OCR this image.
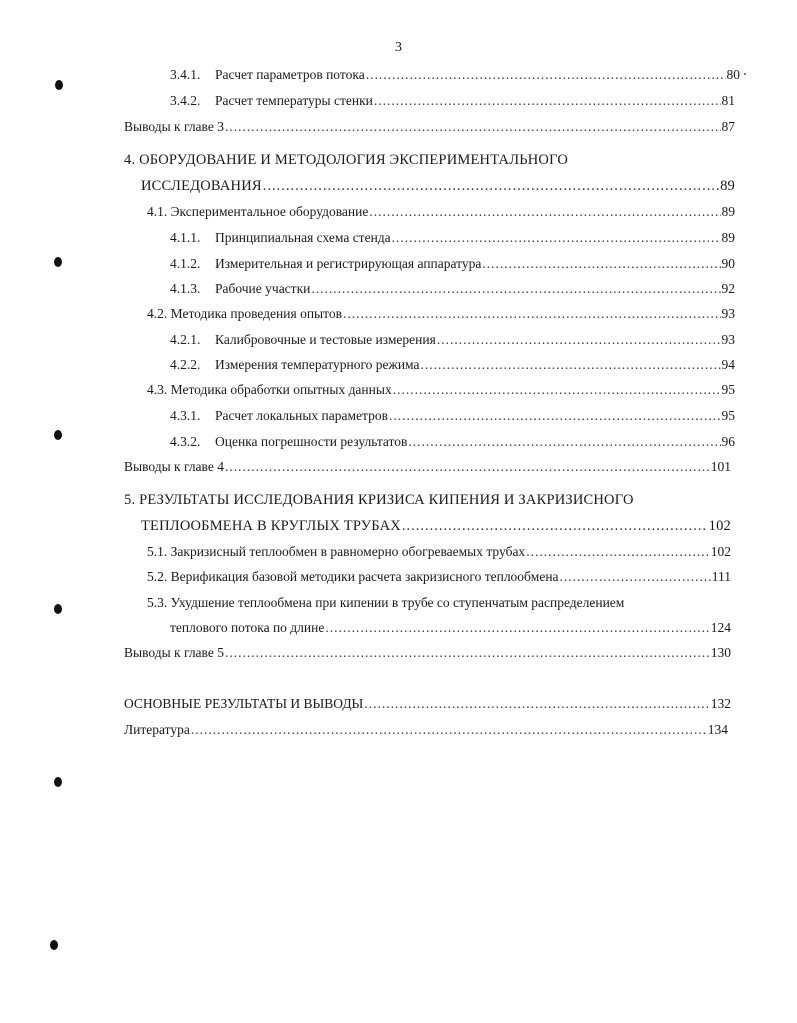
3
3.4.1.	Расчет параметров потока .....	80
3.4.2.	Расчет температуры стенки .....	81
Выводы к главе 3 .....	87
4. ОБОРУДОВАНИЕ И МЕТОДОЛОГИЯ ЭКСПЕРИМЕНТАЛЬНОГО
ИССЛЕДОВАНИЯ .....	89
4.1. Экспериментальное оборудование .....	89
4.1.1.	Принципиальная схема стенда .....	89
4.1.2.	Измерительная и регистрирующая аппаратура .....	90
4.1.3.	Рабочие участки .....	92
4.2. Методика проведения опытов .....	93
4.2.1.	Калибровочные и тестовые измерения .....	93
4.2.2.	Измерения температурного режима .....	94
4.3. Методика обработки опытных данных .....	95
4.3.1.	Расчет локальных параметров .....	95
4.3.2.	Оценка погрешности результатов .....	96
Выводы к главе 4 .....	101
5. РЕЗУЛЬТАТЫ ИССЛЕДОВАНИЯ КРИЗИСА КИПЕНИЯ И ЗАКРИЗИСНОГО
ТЕПЛООБМЕНА В КРУГЛЫХ ТРУБАХ .....	102
5.1. Закризисный теплообмен в равномерно обогреваемых трубах .....	102
5.2. Верификация базовой методики расчета закризисного теплообмена .....	111
5.3. Ухудшение теплообмена при кипении в трубе со ступенчатым распределением
теплового потока по длине .....	124
Выводы к главе 5 .....	130
ОСНОВНЫЕ РЕЗУЛЬТАТЫ И ВЫВОДЫ .....	132
Литература .....	134
